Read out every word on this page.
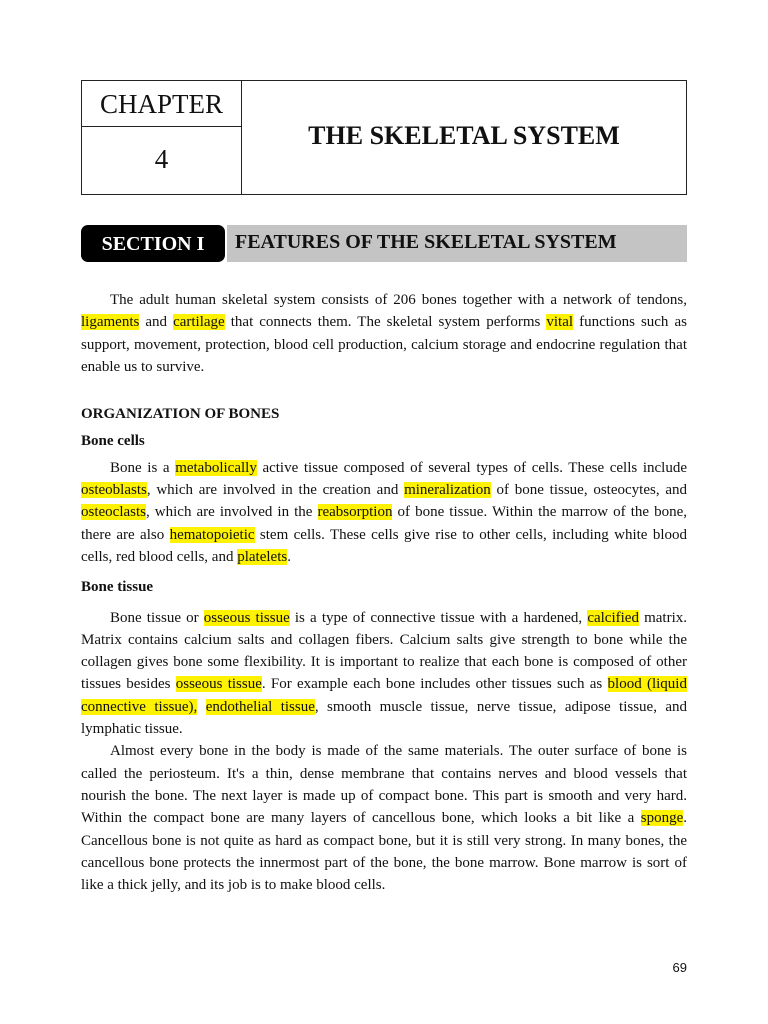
CHAPTER
4
THE SKELETAL SYSTEM
SECTION I	FEATURES OF THE SKELETAL SYSTEM

The adult human skeletal system consists of 206 bones together with a network of tendons, ligaments and cartilage that connects them. The skeletal system performs vital functions such as support, movement, protection, blood cell production, calcium storage and endocrine regulation that enable us to survive.

ORGANIZATION OF BONES
Bone cells

Bone is a metabolically active tissue composed of several types of cells. These cells include osteoblasts, which are involved in the creation and mineralization of bone tissue, osteocytes, and osteoclasts, which are involved in the reabsorption of bone tissue. Within the marrow of the bone, there are also hematopoietic stem cells. These cells give rise to other cells, including white blood cells, red blood cells, and platelets.

Bone tissue

Bone tissue or osseous tissue is a type of connective tissue with a hardened, calcified matrix. Matrix contains calcium salts and collagen fibers. Calcium salts give strength to bone while the collagen gives bone some flexibility. It is important to realize that each bone is composed of other tissues besides osseous tissue. For example each bone includes other tissues such as blood (liquid connective tissue), endothelial tissue, smooth muscle tissue, nerve tissue, adipose tissue, and lymphatic tissue.

Almost every bone in the body is made of the same materials. The outer surface of bone is called the periosteum. It's a thin, dense membrane that contains nerves and blood vessels that nourish the bone. The next layer is made up of compact bone. This part is smooth and very hard. Within the compact bone are many layers of cancellous bone, which looks a bit like a sponge. Cancellous bone is not quite as hard as compact bone, but it is still very strong. In many bones, the cancellous bone protects the innermost part of the bone, the bone marrow. Bone marrow is sort of like a thick jelly, and its job is to make blood cells.

69
